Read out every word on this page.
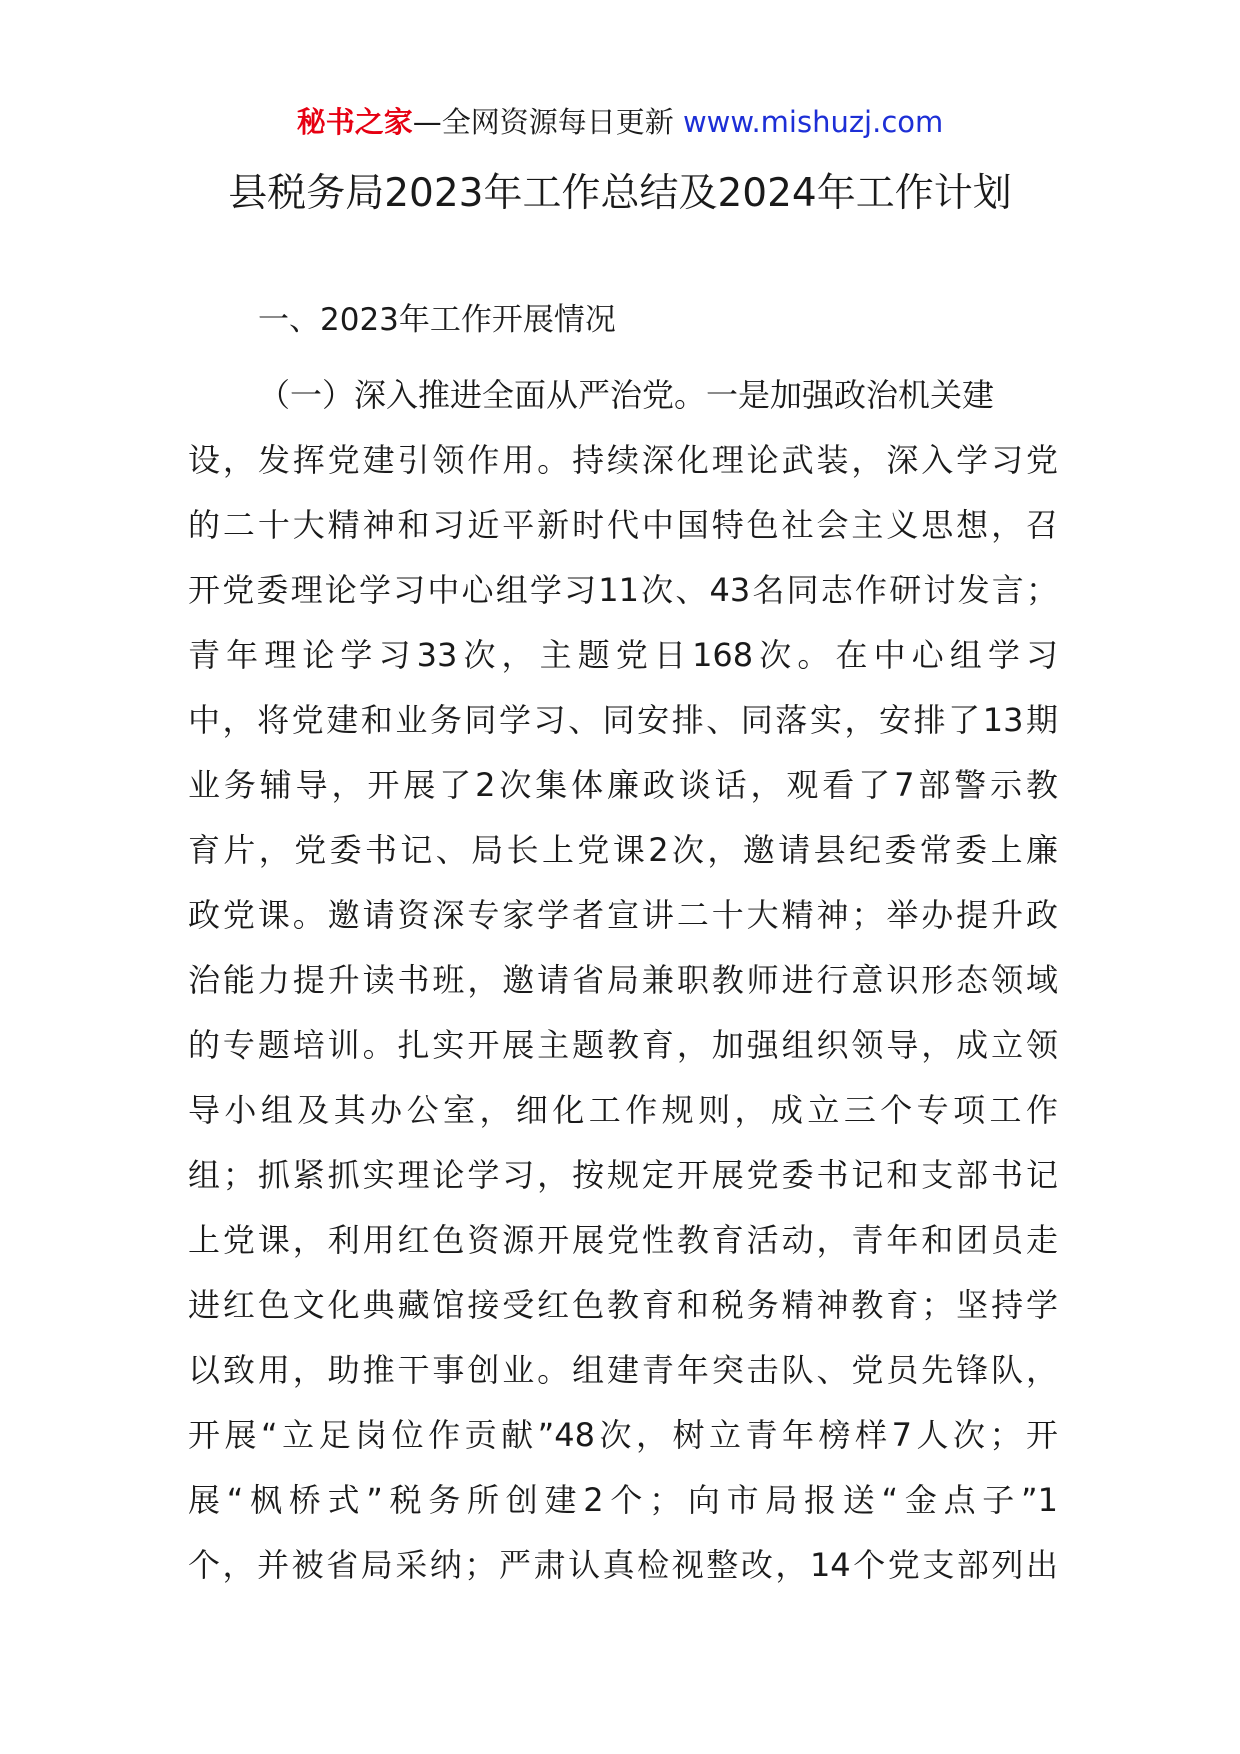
秘书之家—全网资源每日更新 www.mishuzj.com
县税务局2023年工作总结及2024年工作计划
一、2023年工作开展情况
（一）深入推进全面从严治党。一是加强政治机关建
设，发挥党建引领作用。持续深化理论武装，深入学习党
的二十大精神和习近平新时代中国特色社会主义思想，召
开党委理论学习中心组学习11次、43名同志作研讨发言；
青年理论学习33次，主题党日168次。在中心组学习
中，将党建和业务同学习、同安排、同落实，安排了13期
业务辅导，开展了2次集体廉政谈话，观看了7部警示教
育片，党委书记、局长上党课2次，邀请县纪委常委上廉
政党课。邀请资深专家学者宣讲二十大精神；举办提升政
治能力提升读书班，邀请省局兼职教师进行意识形态领域
的专题培训。扎实开展主题教育，加强组织领导，成立领
导小组及其办公室，细化工作规则，成立三个专项工作
组；抓紧抓实理论学习，按规定开展党委书记和支部书记
上党课，利用红色资源开展党性教育活动，青年和团员走
进红色文化典藏馆接受红色教育和税务精神教育；坚持学
以致用，助推干事创业。组建青年突击队、党员先锋队，
开展“立足岗位作贡献”48次，树立青年榜样7人次；开
展“枫桥式”税务所创建2个；向市局报送“金点子”1
个，并被省局采纳；严肃认真检视整改，14个党支部列出
